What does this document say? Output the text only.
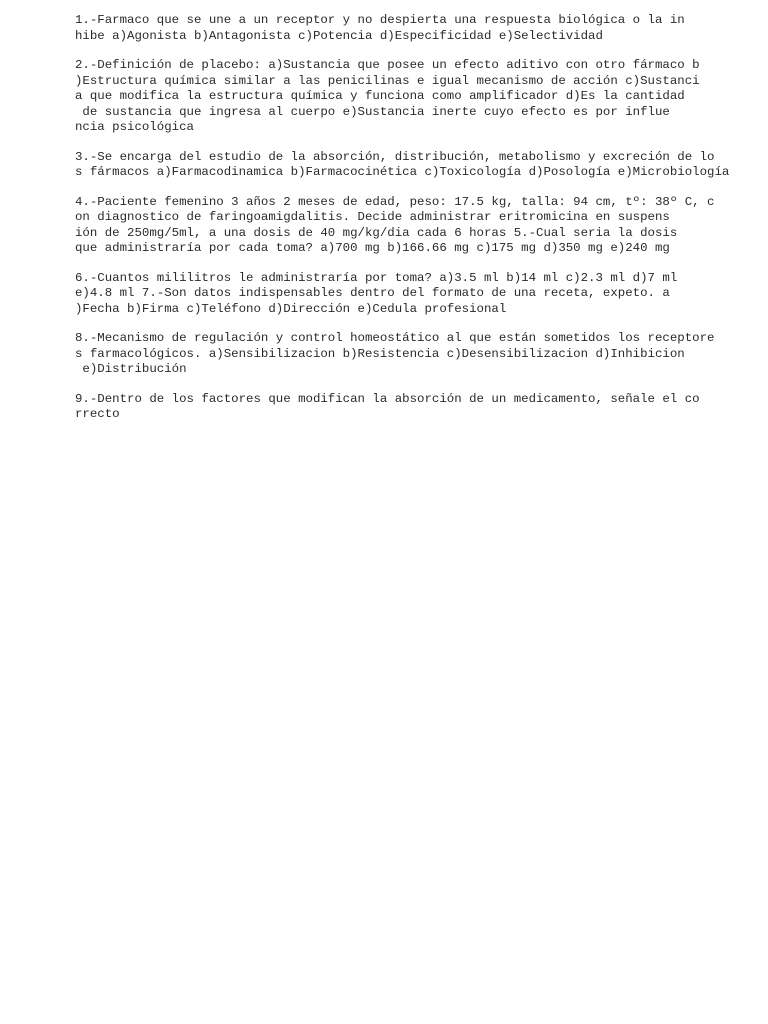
1.-Farmaco que se une a un receptor y no despierta una respuesta biológica o la in
hibe a)Agonista b)Antagonista c)Potencia d)Especificidad e)Selectividad
2.-Definición de placebo: a)Sustancia que posee un efecto aditivo con otro fármaco b
)Estructura química similar a las penicilinas e igual mecanismo de acción c)Sustanci
a que modifica la estructura química y funciona como amplificador d)Es la cantidad
de sustancia que ingresa al cuerpo e)Sustancia inerte cuyo efecto es por influe
ncia psicológica
3.-Se encarga del estudio de la absorción, distribución, metabolismo y excreción de lo
s fármacos a)Farmacodinamica b)Farmacocinética c)Toxicología d)Posología e)Microbiología
4.-Paciente femenino 3 años 2 meses de edad, peso: 17.5 kg, talla: 94 cm, tº: 38º C, c
on diagnostico de faringoamigdalitis. Decide administrar eritromicina en suspens
ión de 250mg/5ml, a una dosis de 40 mg/kg/dia cada 6 horas 5.-Cual seria la dosis
que administraría por cada toma? a)700 mg b)166.66 mg c)175 mg d)350 mg e)240 mg
6.-Cuantos mililitros le administraría por toma? a)3.5 ml b)14 ml c)2.3 ml d)7 ml
e)4.8 ml 7.-Son datos indispensables dentro del formato de una receta, expeto. a
)Fecha b)Firma c)Teléfono d)Dirección e)Cedula profesional
8.-Mecanismo de regulación y control homeostático al que están sometidos los receptore
s farmacológicos. a)Sensibilizacion b)Resistencia c)Desensibilizacion d)Inhibicion
e)Distribución
9.-Dentro de los factores que modifican la absorción de un medicamento, señale el co
rrecto
